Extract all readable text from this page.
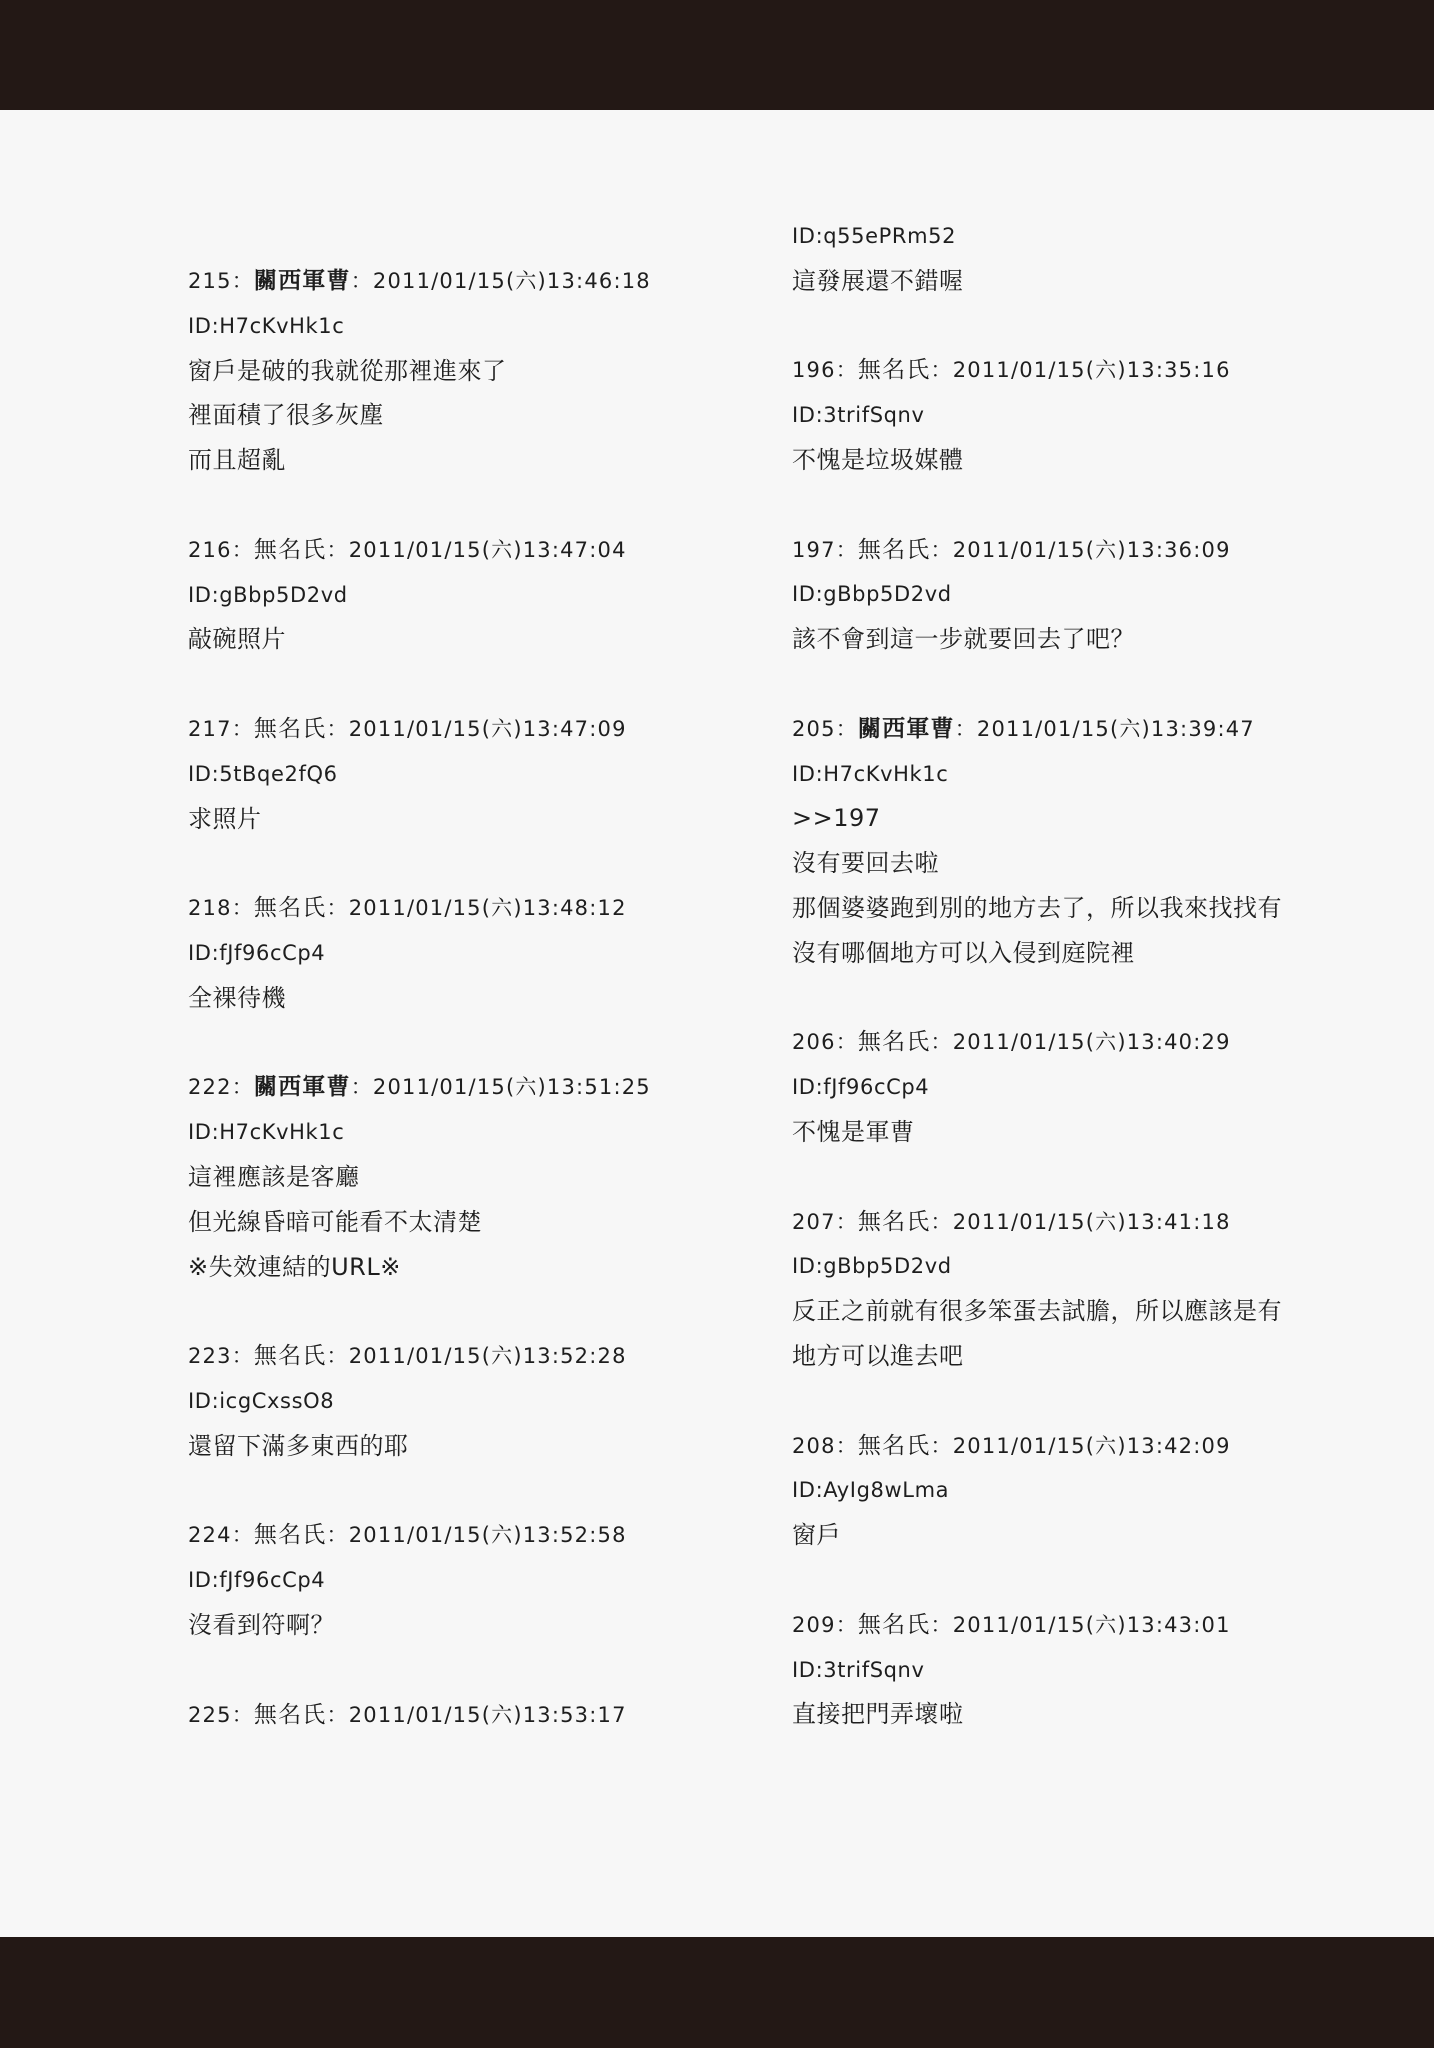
215：關西軍曹：2011/01/15(六)13:46:18
ID:H7cKvHk1c
窗戶是破的我就從那裡進來了
裡面積了很多灰塵
而且超亂
216：無名氏：2011/01/15(六)13:47:04
ID:gBbp5D2vd
敲碗照片
217：無名氏：2011/01/15(六)13:47:09
ID:5tBqe2fQ6
求照片
218：無名氏：2011/01/15(六)13:48:12
ID:fJf96cCp4
全裸待機
222：關西軍曹：2011/01/15(六)13:51:25
ID:H7cKvHk1c
這裡應該是客廳
但光線昏暗可能看不太清楚
※失效連結的URL※
223：無名氏：2011/01/15(六)13:52:28
ID:icgCxssO8
還留下滿多東西的耶
224：無名氏：2011/01/15(六)13:52:58
ID:fJf96cCp4
沒看到符啊？
225：無名氏：2011/01/15(六)13:53:17
ID:q55ePRm52
這發展還不錯喔
196：無名氏：2011/01/15(六)13:35:16
ID:3trifSqnv
不愧是垃圾媒體
197：無名氏：2011/01/15(六)13:36:09
ID:gBbp5D2vd
該不會到這一步就要回去了吧？
205：關西軍曹：2011/01/15(六)13:39:47
ID:H7cKvHk1c
>>197
沒有要回去啦
那個婆婆跑到別的地方去了，所以我來找找有
沒有哪個地方可以入侵到庭院裡
206：無名氏：2011/01/15(六)13:40:29
ID:fJf96cCp4
不愧是軍曹
207：無名氏：2011/01/15(六)13:41:18
ID:gBbp5D2vd
反正之前就有很多笨蛋去試膽，所以應該是有
地方可以進去吧
208：無名氏：2011/01/15(六)13:42:09
ID:AyIg8wLma
窗戶
209：無名氏：2011/01/15(六)13:43:01
ID:3trifSqnv
直接把門弄壞啦
